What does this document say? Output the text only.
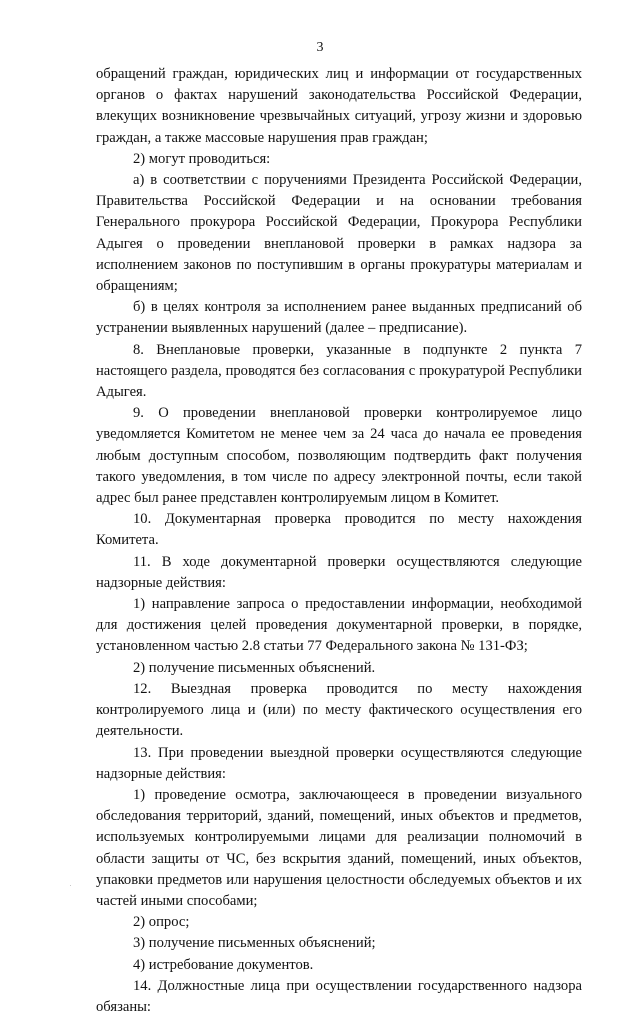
3

обращений граждан, юридических лиц и информации от государственных органов о фактах нарушений законодательства Российской Федерации, влекущих возникновение чрезвычайных ситуаций, угрозу жизни и здоровью граждан, а также массовые нарушения прав граждан;

2) могут проводиться:

а) в соответствии с поручениями Президента Российской Федерации, Правительства Российской Федерации и на основании требования Генерального прокурора Российской Федерации, Прокурора Республики Адыгея о проведении внеплановой проверки в рамках надзора за исполнением законов по поступившим в органы прокуратуры материалам и обращениям;

б) в целях контроля за исполнением ранее выданных предписаний об устранении выявленных нарушений (далее – предписание).

8. Внеплановые проверки, указанные в подпункте 2 пункта 7 настоящего раздела, проводятся без согласования с прокуратурой Республики Адыгея.

9. О проведении внеплановой проверки контролируемое лицо уведомляется Комитетом не менее чем за 24 часа до начала ее проведения любым доступным способом, позволяющим подтвердить факт получения такого уведомления, в том числе по адресу электронной почты, если такой адрес был ранее представлен контролируемым лицом в Комитет.

10. Документарная проверка проводится по месту нахождения Комитета.

11. В ходе документарной проверки осуществляются следующие надзорные действия:

1) направление запроса о предоставлении информации, необходимой для достижения целей проведения документарной проверки, в порядке, установленном частью 2.8 статьи 77 Федерального закона № 131-ФЗ;

2) получение письменных объяснений.

12. Выездная проверка проводится по месту нахождения контролируемого лица и (или) по месту фактического осуществления его деятельности.

13. При проведении выездной проверки осуществляются следующие надзорные действия:

1) проведение осмотра, заключающееся в проведении визуального обследования территорий, зданий, помещений, иных объектов и предметов, используемых контролируемыми лицами для реализации полномочий в области защиты от ЧС, без вскрытия зданий, помещений, иных объектов, упаковки предметов или нарушения целостности обследуемых объектов и их частей иными способами;

2) опрос;

3) получение письменных объяснений;

4) истребование документов.

14. Должностные лица при осуществлении государственного надзора обязаны:
